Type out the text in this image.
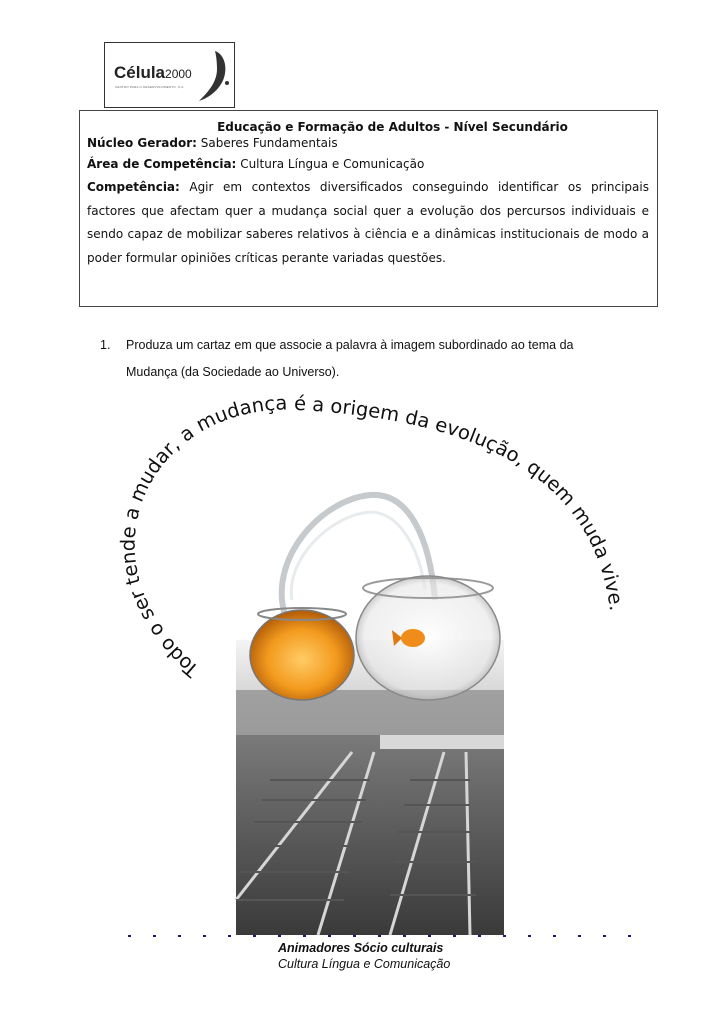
Célula2000
CENTRO PARA O DESENVOLVIMENTO, S.A.
Educação e Formação de Adultos - Nível Secundário
Núcleo Gerador: Saberes Fundamentais
Área de Competência: Cultura Língua e Comunicação
Competência: Agir em contextos diversificados conseguindo identificar os principais factores que afectam quer a mudança social quer a evolução dos percursos individuais e sendo capaz de mobilizar saberes relativos à ciência e a dinâmicas institucionais de modo a poder formular opiniões críticas perante variadas questões.
1. Produza um cartaz em que associe a palavra à imagem subordinado ao tema da Mudança (da Sociedade ao Universo).
Todo o ser tende a mudar, a mudança é a origem da evolução, quem muda vive.
Animadores Sócio culturais
Cultura Língua e Comunicação
